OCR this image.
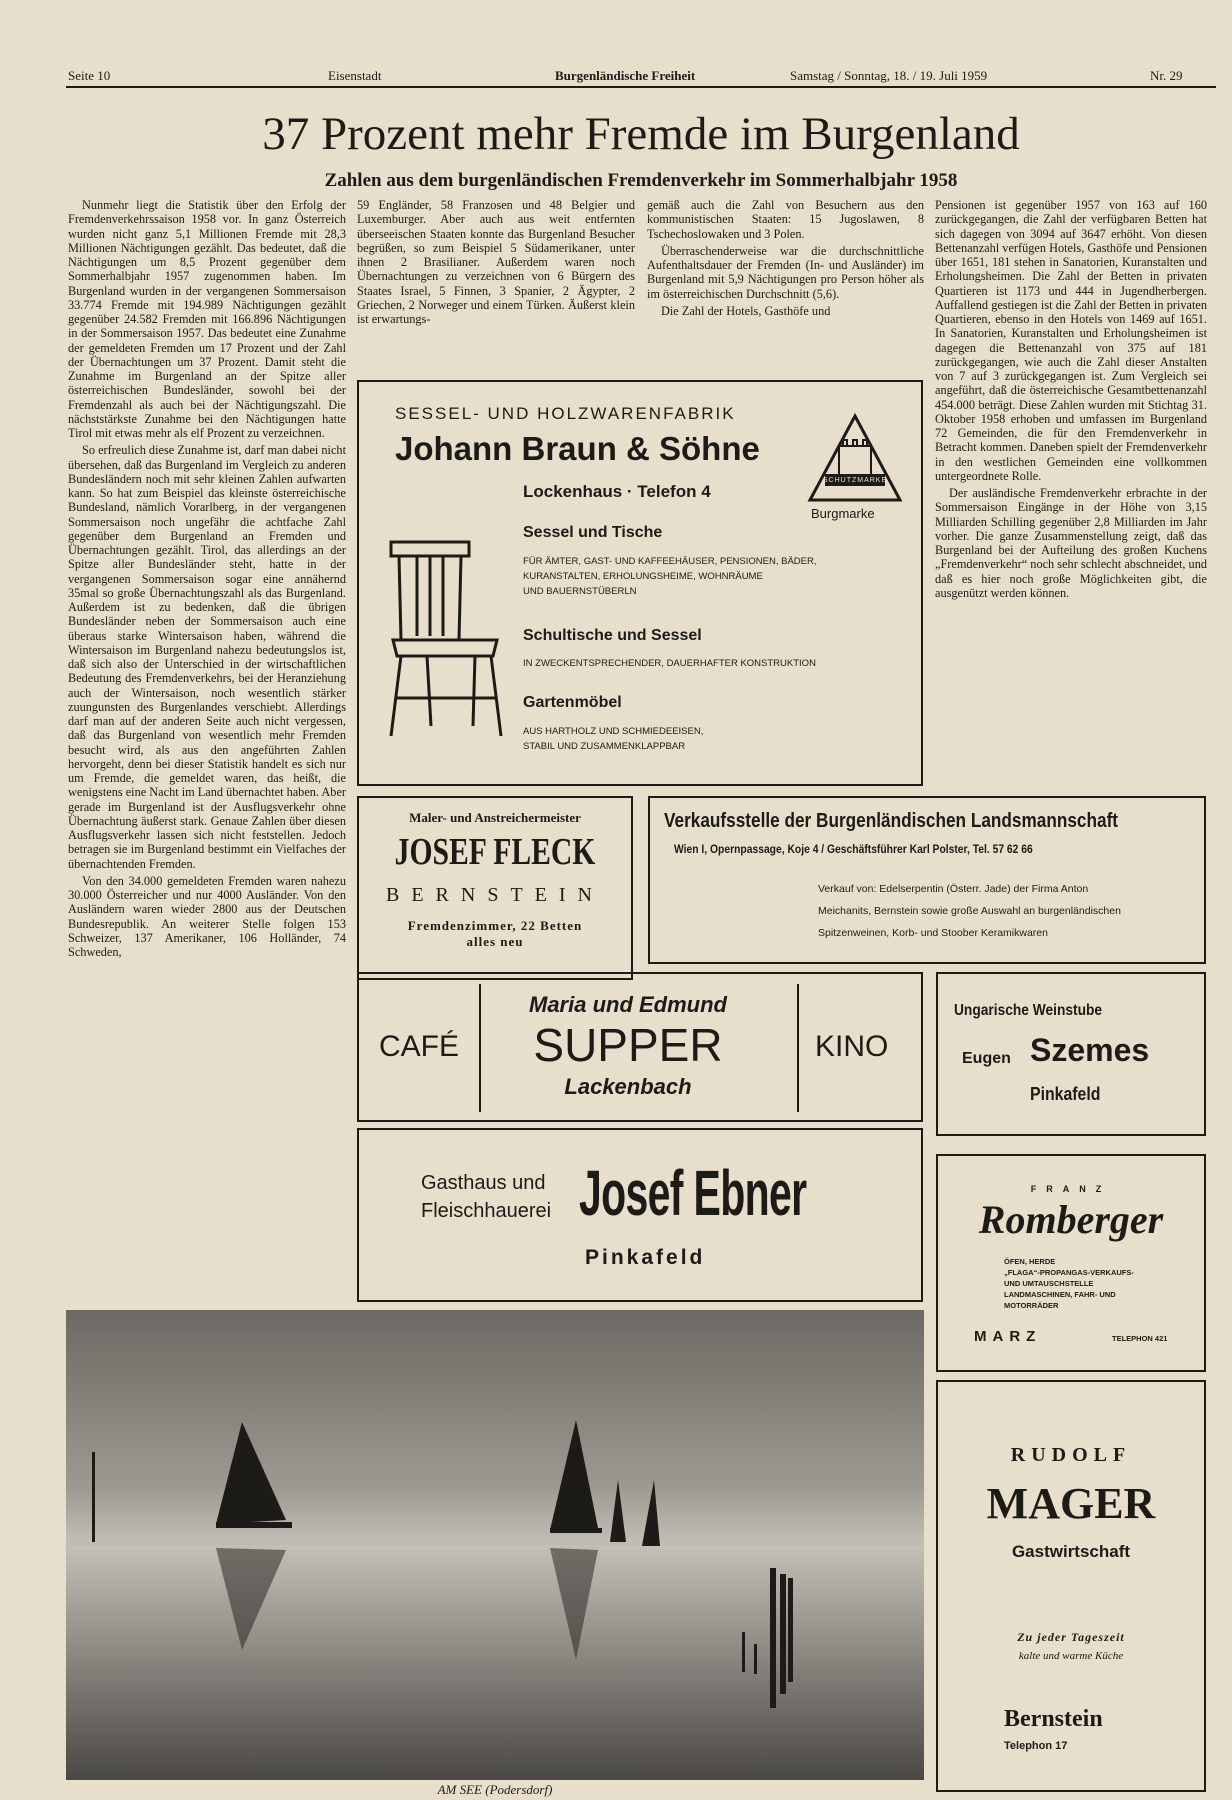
Seite 10	Eisenstadt	Burgenländische Freiheit	Samstag / Sonntag, 18. / 19. Juli 1959	Nr. 29
37 Prozent mehr Fremde im Burgenland
Zahlen aus dem burgenländischen Fremdenverkehr im Sommerhalbjahr 1958

Nunmehr liegt die Statistik über den Erfolg der Fremdenverkehrssaison 1958 vor. In ganz Österreich wurden nicht ganz 5,1 Millionen Fremde mit 28,3 Millionen Nächtigungen gezählt. Das bedeutet, daß die Nächtigungen um 8,5 Prozent gegenüber dem Sommerhalbjahr 1957 zugenommen haben. Im Burgenland wurden in der vergangenen Sommersaison 33.774 Fremde mit 194.989 Nächtigungen gezählt gegenüber 24.582 Fremden mit 166.896 Nächtigungen in der Sommersaison 1957. Das bedeutet eine Zunahme der gemeldeten Fremden um 17 Prozent und der Zahl der Übernachtungen um 37 Prozent. Damit steht die Zunahme im Burgenland an der Spitze aller österreichischen Bundesländer, sowohl bei der Fremdenzahl als auch bei der Nächtigungszahl. Die nächststärkste Zunahme bei den Nächtigungen hatte Tirol mit etwas mehr als elf Prozent zu verzeichnen.

So erfreulich diese Zunahme ist, darf man dabei nicht übersehen, daß das Burgenland im Vergleich zu anderen Bundesländern noch mit sehr kleinen Zahlen aufwarten kann. So hat zum Beispiel das kleinste österreichische Bundesland, nämlich Vorarlberg, in der vergangenen Sommersaison noch ungefähr die achtfache Zahl gegenüber dem Burgenland an Fremden und Übernachtungen gezählt. Tirol, das allerdings an der Spitze aller Bundesländer steht, hatte in der vergangenen Sommersaison sogar eine annähernd 35mal so große Übernachtungszahl als das Burgenland. Außerdem ist zu bedenken, daß die übrigen Bundesländer neben der Sommersaison auch eine überaus starke Wintersaison haben, während die Wintersaison im Burgenland nahezu bedeutungslos ist, daß sich also der Unterschied in der wirtschaftlichen Bedeutung des Fremdenverkehrs, bei der Heranziehung auch der Wintersaison, noch wesentlich stärker zuungunsten des Burgenlandes verschiebt. Allerdings darf man auf der anderen Seite auch nicht vergessen, daß das Burgenland von wesentlich mehr Fremden besucht wird, als aus den angeführten Zahlen hervorgeht, denn bei dieser Statistik handelt es sich nur um Fremde, die gemeldet waren, das heißt, die wenigstens eine Nacht im Land übernachtet haben. Aber gerade im Burgenland ist der Ausflugsverkehr ohne Übernachtung äußerst stark. Genaue Zahlen über diesen Ausflugsverkehr lassen sich nicht feststellen. Jedoch betragen sie im Burgenland bestimmt ein Vielfaches der übernachtenden Fremden.

Von den 34.000 gemeldeten Fremden waren nahezu 30.000 Österreicher und nur 4000 Ausländer. Von den Ausländern waren wieder 2800 aus der Deutschen Bundesrepublik. An weiterer Stelle folgen 153 Schweizer, 137 Amerikaner, 106 Holländer, 74 Schweden,

59 Engländer, 58 Franzosen und 48 Belgier und Luxemburger. Aber auch aus weit entfernten überseeischen Staaten konnte das Burgenland Besucher begrüßen, so zum Beispiel 5 Südamerikaner, unter ihnen 2 Brasilianer. Außerdem waren noch Übernachtungen zu verzeichnen von 6 Bürgern des Staates Israel, 5 Finnen, 3 Spanier, 2 Ägypter, 2 Griechen, 2 Norweger und einem Türken. Äußerst klein ist erwartungs-

gemäß auch die Zahl von Besuchern aus den kommunistischen Staaten: 15 Jugoslawen, 8 Tschechoslowaken und 3 Polen.

Überraschenderweise war die durchschnittliche Aufenthaltsdauer der Fremden (In- und Ausländer) im Burgenland mit 5,9 Nächtigungen pro Person höher als im österreichischen Durchschnitt (5,6).

Die Zahl der Hotels, Gasthöfe und

Pensionen ist gegenüber 1957 von 163 auf 160 zurückgegangen, die Zahl der verfügbaren Betten hat sich dagegen von 3094 auf 3647 erhöht. Von diesen Bettenanzahl verfügen Hotels, Gasthöfe und Pensionen über 1651, 181 stehen in Sanatorien, Kuranstalten und Erholungsheimen. Die Zahl der Betten in privaten Quartieren ist 1173 und 444 in Jugendherbergen. Auffallend gestiegen ist die Zahl der Betten in privaten Quartieren, ebenso in den Hotels von 1469 auf 1651. In Sanatorien, Kuranstalten und Erholungsheimen ist dagegen die Bettenanzahl von 375 auf 181 zurückgegangen, wie auch die Zahl dieser Anstalten von 7 auf 3 zurückgegangen ist. Zum Vergleich sei angeführt, daß die österreichische Gesamtbettenanzahl 454.000 beträgt. Diese Zahlen wurden mit Stichtag 31. Oktober 1958 erhoben und umfassen im Burgenland 72 Gemeinden, die für den Fremdenverkehr in Betracht kommen. Daneben spielt der Fremdenverkehr in den westlichen Gemeinden eine vollkommen untergeordnete Rolle.

Der ausländische Fremdenverkehr erbrachte in der Sommersaison Eingänge in der Höhe von 3,15 Milliarden Schilling gegenüber 2,8 Milliarden im Jahr vorher. Die ganze Zusammenstellung zeigt, daß das Burgenland bei der Aufteilung des großen Kuchens „Fremdenverkehr“ noch sehr schlecht abschneidet, und daß es hier noch große Möglichkeiten gibt, die ausgenützt werden können.

SESSEL- UND HOLZWARENFABRIK
Johann Braun & Söhne
Lockenhaus · Telefon 4
SCHUTZMARKE
Burgmarke
Sessel und Tische
FÜR ÄMTER, GAST- UND KAFFEEHÄUSER, PENSIONEN, BÄDER,
KURANSTALTEN, ERHOLUNGSHEIME, WOHNRÄUME
UND BAUERNSTÜBERLN
Schultische und Sessel
IN ZWECKENTSPRECHENDER, DAUERHAFTER KONSTRUKTION
Gartenmöbel
AUS HARTHOLZ UND SCHMIEDEEISEN,
STABIL UND ZUSAMMENKLAPPBAR
Maler- und Anstreichermeister
JOSEF FLECK
BERNSTEIN
Fremdenzimmer, 22 Betten
alles neu
Verkaufsstelle der Burgenländischen Landsmannschaft
Wien I, Opernpassage, Koje 4 / Geschäftsführer Karl Polster, Tel. 57 62 66
Verkauf von: Edelserpentin (Österr. Jade) der Firma Anton
Meichanits, Bernstein sowie große Auswahl an burgenländischen
Spitzenweinen, Korb- und Stoober Keramikwaren
CAFÉ
Maria und Edmund
SUPPER
Lackenbach
KINO
Ungarische Weinstube
Eugen Szemes
Pinkafeld
Gasthaus und
Fleischhauerei Josef Ebner
Pinkafeld
FRANZ
Romberger
ÖFEN, HERDE
„FLAGA“-PROPANGAS-VERKAUFS-
UND UMTAUSCHSTELLE
LANDMASCHINEN, FAHR- UND
MOTORRÄDER
MARZ	TELEPHON 421
RUDOLF
MAGER
Gastwirtschaft
Zu jeder Tageszeit
kalte und warme Küche
Bernstein
Telephon 17
AM SEE (Podersdorf)
